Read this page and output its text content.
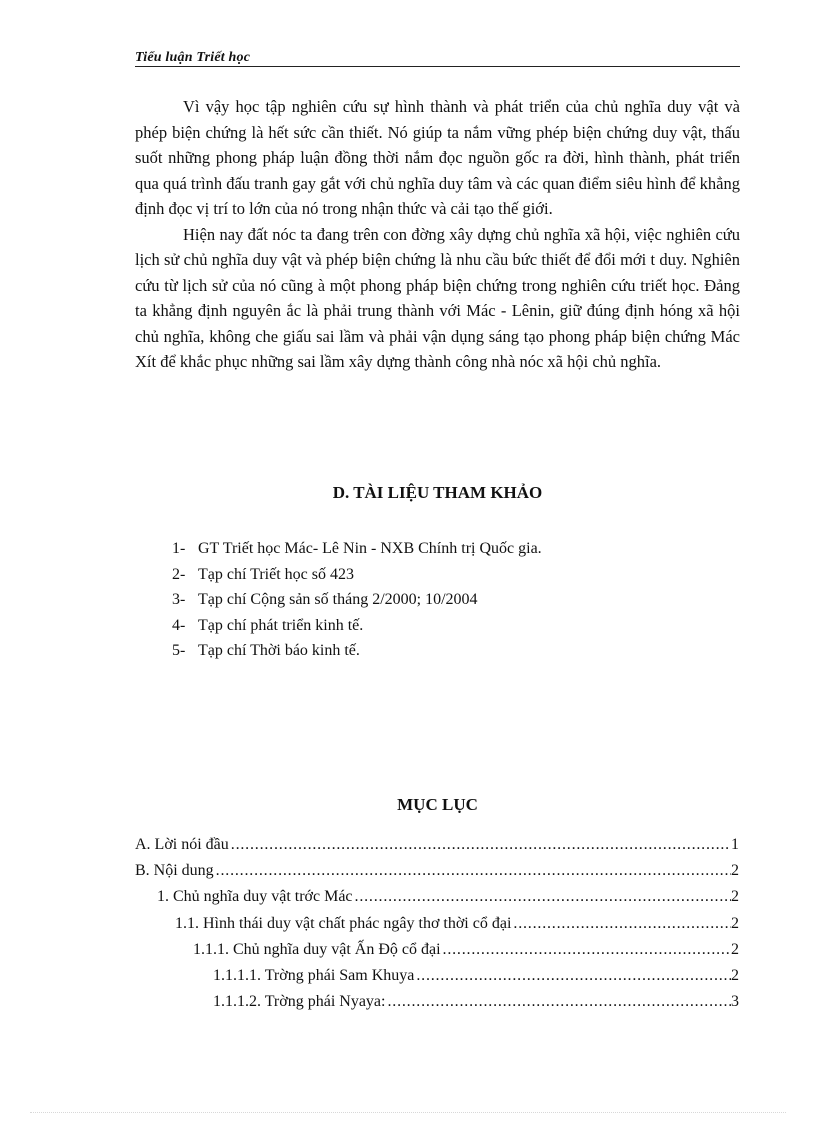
Tiểu luận Triết học

Vì vậy học tập nghiên cứu sự hình thành và phát triển của chủ nghĩa duy vật và phép biện chứng là hết sức cần thiết. Nó giúp ta nắm vững phép biện chứng duy vật, thấu suốt những phong pháp luận đồng thời nắm đọc nguồn gốc ra đời, hình thành, phát triển qua quá trình đấu tranh gay gắt với chủ nghĩa duy tâm và các quan điểm siêu hình để khẳng định đọc vị trí to lớn của nó trong nhận thức và cải tạo thế giới.

Hiện nay đất nóc ta đang trên con đờng xây dựng chủ nghĩa xã hội, việc nghiên cứu lịch sử chủ nghĩa duy vật và phép biện chứng là nhu cầu bức thiết để đổi mới t duy. Nghiên cứu từ lịch sử của nó cũng à một phong pháp biện chứng trong nghiên cứu triết học. Đảng ta khẳng định nguyên ắc là phải trung thành với Mác - Lênin, giữ đúng định hóng xã hội chủ nghĩa, không che giấu sai lầm và phải vận dụng sáng tạo phong pháp biện chứng Mác Xít để khắc phục những sai lầm xây dựng thành công nhà nóc xã hội chủ nghĩa.

D. TÀI LIỆU THAM KHẢO
1- GT Triết học Mác- Lê Nin - NXB Chính trị Quốc gia.
2- Tạp chí Triết học số 423
3- Tạp chí Cộng sản số tháng 2/2000; 10/2004
4- Tạp chí phát triển kinh tế.
5- Tạp chí Thời báo kinh tế.
MỤC LỤC
A. Lời nói đầu . . .	1
B. Nội dung . . .	2
1. Chủ nghĩa duy vật trớc Mác . . .	2
1.1. Hình thái duy vật chất phác ngây thơ thời cổ đại . . .	2
1.1.1. Chủ nghĩa duy vật Ấn Độ cổ đại . . .	2
1.1.1.1. Trờng phái Sam Khuya . . .	2
1.1.1.2. Trờng phái Nyaya: . . .	3
